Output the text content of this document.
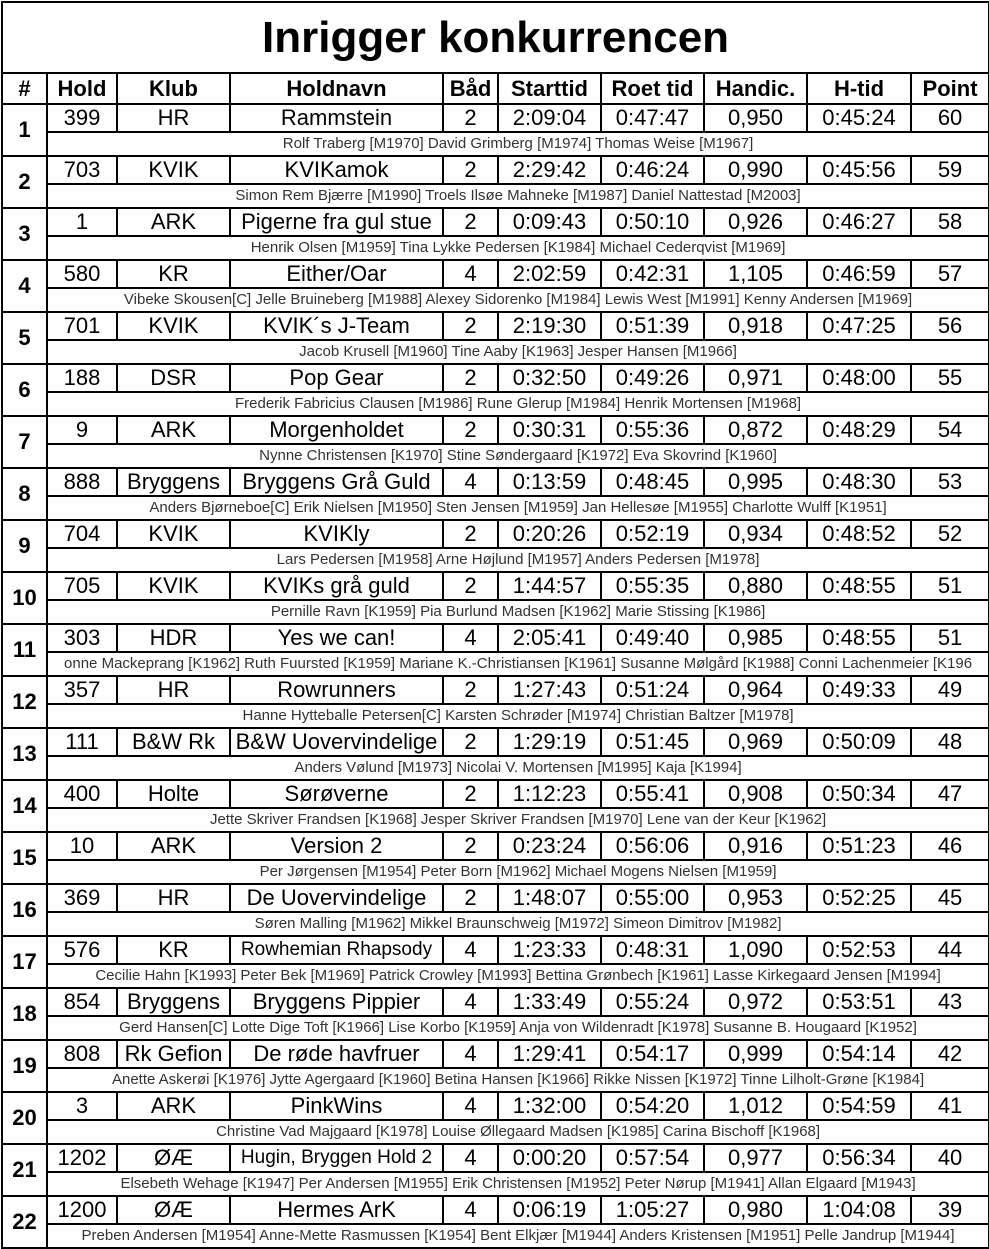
Inrigger konkurrencen									
#	Hold	Klub	Holdnavn	Båd	Starttid	Roet tid	Handic.	H-tid	Point
1	399	HR	Rammstein	2	2:09:04	0:47:47	0,950	0:45:24	60
	Rolf Traberg [M1970] David Grimberg [M1974] Thomas Weise [M1967]								
2	703	KVIK	KVIKamok	2	2:29:42	0:46:24	0,990	0:45:56	59
	Simon Rem Bjærre [M1990] Troels Ilsøe Mahneke [M1987] Daniel Nattestad [M2003]								
3	1	ARK	Pigerne fra gul stue	2	0:09:43	0:50:10	0,926	0:46:27	58
	Henrik Olsen [M1959] Tina Lykke Pedersen [K1984] Michael Cederqvist [M1969]								
4	580	KR	Either/Oar	4	2:02:59	0:42:31	1,105	0:46:59	57
	Vibeke Skousen[C] Jelle Bruineberg [M1988] Alexey Sidorenko [M1984] Lewis West [M1991] Kenny Andersen [M1969]								
5	701	KVIK	KVIK´s J-Team	2	2:19:30	0:51:39	0,918	0:47:25	56
	Jacob Krusell [M1960] Tine Aaby [K1963] Jesper Hansen [M1966]								
6	188	DSR	Pop Gear	2	0:32:50	0:49:26	0,971	0:48:00	55
	Frederik Fabricius Clausen [M1986] Rune Glerup [M1984] Henrik Mortensen [M1968]								
7	9	ARK	Morgenholdet	2	0:30:31	0:55:36	0,872	0:48:29	54
	Nynne Christensen [K1970] Stine Søndergaard [K1972] Eva Skovrind [K1960]								
8	888	Bryggens	Bryggens Grå Guld	4	0:13:59	0:48:45	0,995	0:48:30	53
	Anders Bjørneboe[C] Erik Nielsen [M1950] Sten Jensen [M1959] Jan Hellesøe [M1955] Charlotte Wulff [K1951]								
9	704	KVIK	KVIKly	2	0:20:26	0:52:19	0,934	0:48:52	52
	Lars Pedersen [M1958] Arne Højlund [M1957] Anders Pedersen [M1978]								
10	705	KVIK	KVIKs grå guld	2	1:44:57	0:55:35	0,880	0:48:55	51
	Pernille Ravn [K1959] Pia Burlund Madsen [K1962] Marie Stissing [K1986]								
11	303	HDR	Yes we can!	4	2:05:41	0:49:40	0,985	0:48:55	51
	onne Mackeprang [K1962] Ruth Fuursted [K1959] Mariane K.-Christiansen [K1961] Susanne Mølgård [K1988] Conni Lachenmeier [K196								
12	357	HR	Rowrunners	2	1:27:43	0:51:24	0,964	0:49:33	49
	Hanne Hytteballe Petersen[C] Karsten Schrøder [M1974] Christian Baltzer [M1978]								
13	111	B&W Rk	B&W Uovervindelige	2	1:29:19	0:51:45	0,969	0:50:09	48
	Anders Vølund [M1973] Nicolai V. Mortensen [M1995] Kaja [K1994]								
14	400	Holte	Sørøverne	2	1:12:23	0:55:41	0,908	0:50:34	47
	Jette Skriver Frandsen [K1968] Jesper Skriver Frandsen [M1970] Lene van der Keur [K1962]								
15	10	ARK	Version 2	2	0:23:24	0:56:06	0,916	0:51:23	46
	Per Jørgensen [M1954] Peter Born [M1962] Michael Mogens Nielsen [M1959]								
16	369	HR	De Uovervindelige	2	1:48:07	0:55:00	0,953	0:52:25	45
	Søren Malling [M1962] Mikkel Braunschweig [M1972] Simeon Dimitrov [M1982]								
17	576	KR	Rowhemian Rhapsody	4	1:23:33	0:48:31	1,090	0:52:53	44
	Cecilie Hahn [K1993] Peter Bek [M1969] Patrick Crowley [M1993] Bettina Grønbech [K1961] Lasse Kirkegaard Jensen [M1994]								
18	854	Bryggens	Bryggens Pippier	4	1:33:49	0:55:24	0,972	0:53:51	43
	Gerd Hansen[C] Lotte Dige Toft [K1966] Lise Korbo [K1959] Anja von Wildenradt [K1978] Susanne B. Hougaard [K1952]								
19	808	Rk Gefion	De røde havfruer	4	1:29:41	0:54:17	0,999	0:54:14	42
	Anette Askerøi [K1976] Jytte Agergaard [K1960] Betina Hansen [K1966] Rikke Nissen [K1972] Tinne Lilholt-Grøne [K1984]								
20	3	ARK	PinkWins	4	1:32:00	0:54:20	1,012	0:54:59	41
	Christine Vad Majgaard [K1978] Louise Øllegaard Madsen [K1985] Carina Bischoff [K1968]								
21	1202	ØÆ	Hugin, Bryggen Hold 2	4	0:00:20	0:57:54	0,977	0:56:34	40
	Elsebeth Wehage [K1947] Per Andersen [M1955] Erik Christensen [M1952] Peter Nørup [M1941] Allan Elgaard [M1943]								
22	1200	ØÆ	Hermes ArK	4	0:06:19	1:05:27	0,980	1:04:08	39
	Preben Andersen [M1954] Anne-Mette Rasmussen [K1954] Bent Elkjær [M1944] Anders Kristensen [M1951] Pelle Jandrup [M1944]								
